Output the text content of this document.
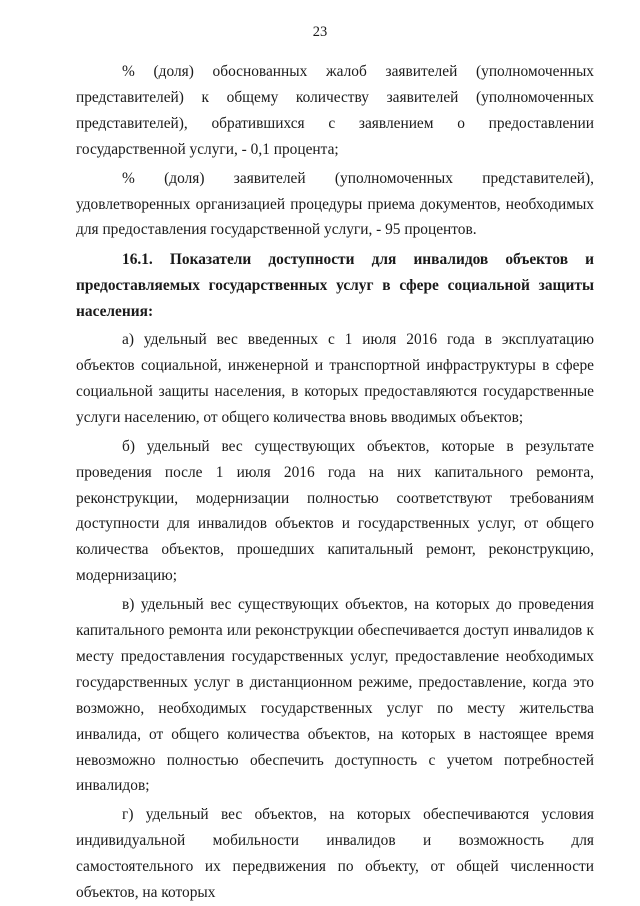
23

% (доля) обоснованных жалоб заявителей (уполномоченных представителей) к общему количеству заявителей (уполномоченных представителей), обратившихся с заявлением о предоставлении государственной услуги, - 0,1 процента;

% (доля) заявителей (уполномоченных представителей), удовлетворенных организацией процедуры приема документов, необходимых для предоставления государственной услуги, - 95 процентов.

16.1. Показатели доступности для инвалидов объектов и предоставляемых государственных услуг в сфере социальной защиты населения:

а) удельный вес введенных с 1 июля 2016 года в эксплуатацию объектов социальной, инженерной и транспортной инфраструктуры в сфере социальной защиты населения, в которых предоставляются государственные услуги населению, от общего количества вновь вводимых объектов;

б) удельный вес существующих объектов, которые в результате проведения после 1 июля 2016 года на них капитального ремонта, реконструкции, модернизации полностью соответствуют требованиям доступности для инвалидов объектов и государственных услуг, от общего количества объектов, прошедших капитальный ремонт, реконструкцию, модернизацию;

в) удельный вес существующих объектов, на которых до проведения капитального ремонта или реконструкции обеспечивается доступ инвалидов к месту предоставления государственных услуг, предоставление необходимых государственных услуг в дистанционном режиме, предоставление, когда это возможно, необходимых государственных услуг по месту жительства инвалида, от общего количества объектов, на которых в настоящее время невозможно полностью обеспечить доступность с учетом потребностей инвалидов;

г) удельный вес объектов, на которых обеспечиваются условия индивидуальной мобильности инвалидов и возможность для самостоятельного их передвижения по объекту, от общей численности объектов, на которых
